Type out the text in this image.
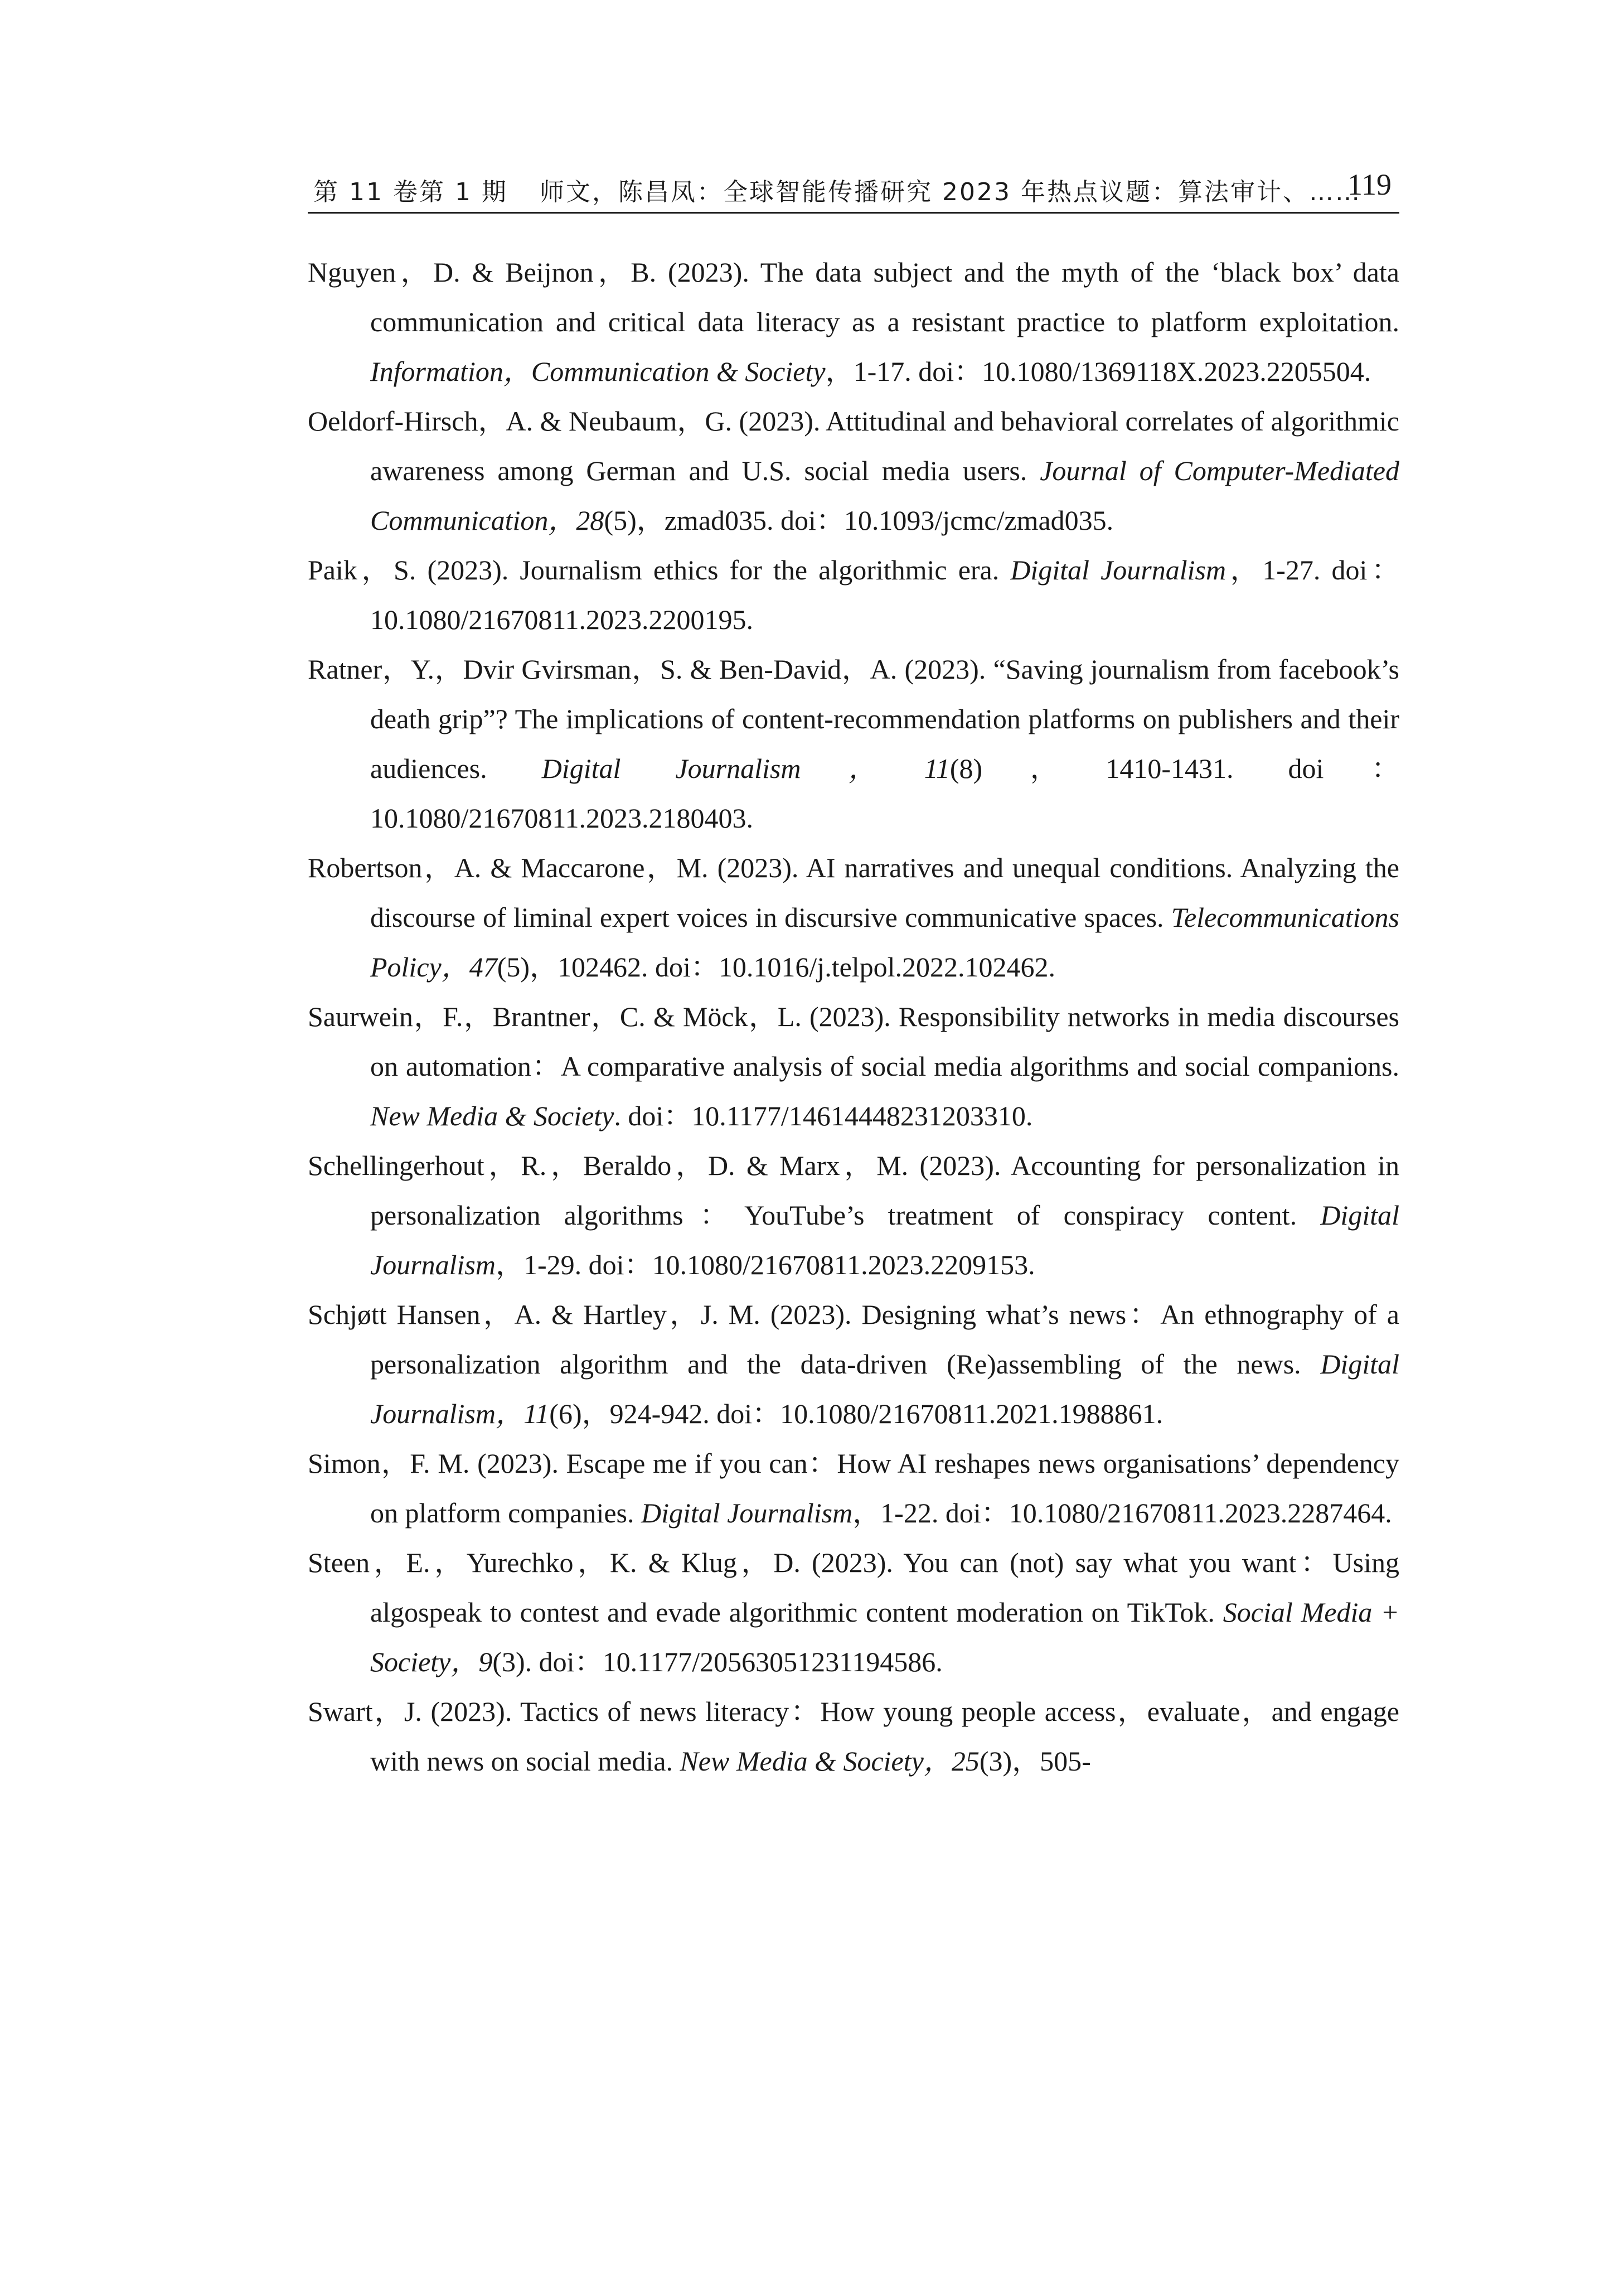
第 11 卷第 1 期 师文，陈昌凤：全球智能传播研究 2023 年热点议题：算法审计、……
119

Nguyen，D. & Beijnon，B. (2023). The data subject and the myth of the ‘black box’ data communication and critical data literacy as a resistant practice to platform exploitation. Information，Communication & Society，1-17. doi：10.1080/1369118X.2023.2205504.

Oeldorf-Hirsch，A. & Neubaum，G. (2023). Attitudinal and behavioral correlates of algorithmic awareness among German and U.S. social media users. Journal of Computer-Mediated Communication，28(5)，zmad035. doi：10.1093/jcmc/zmad035.

Paik，S. (2023). Journalism ethics for the algorithmic era. Digital Journalism，1-27. doi：10.1080/21670811.2023.2200195.

Ratner，Y.，Dvir Gvirsman，S. & Ben-David，A. (2023). “Saving journalism from facebook’s death grip”? The implications of content-recommendation platforms on publishers and their audiences. Digital Journalism，11(8)，1410-1431. doi：10.1080/21670811.2023.2180403.

Robertson，A. & Maccarone，M. (2023). AI narratives and unequal conditions. Analyzing the discourse of liminal expert voices in discursive communicative spaces. Telecommunications Policy，47(5)，102462. doi：10.1016/j.telpol.2022.102462.

Saurwein，F.，Brantner，C. & Möck，L. (2023). Responsibility networks in media discourses on automation：A comparative analysis of social media algorithms and social companions. New Media & Society. doi：10.1177/14614448231203310.

Schellingerhout，R.，Beraldo，D. & Marx，M. (2023). Accounting for personalization in personalization algorithms：YouTube’s treatment of conspiracy content. Digital Journalism，1-29. doi：10.1080/21670811.2023.2209153.

Schjøtt Hansen，A. & Hartley，J. M. (2023). Designing what’s news：An ethnography of a personalization algorithm and the data-driven (Re)assembling of the news. Digital Journalism，11(6)，924-942. doi：10.1080/21670811.2021.1988861.

Simon，F. M. (2023). Escape me if you can：How AI reshapes news organisations’ dependency on platform companies. Digital Journalism，1-22. doi：10.1080/21670811.2023.2287464.

Steen，E.，Yurechko，K. & Klug，D. (2023). You can (not) say what you want：Using algospeak to contest and evade algorithmic content moderation on TikTok. Social Media + Society，9(3). doi：10.1177/20563051231194586.

Swart，J. (2023). Tactics of news literacy：How young people access，evaluate，and engage with news on social media. New Media & Society，25(3)，505-
